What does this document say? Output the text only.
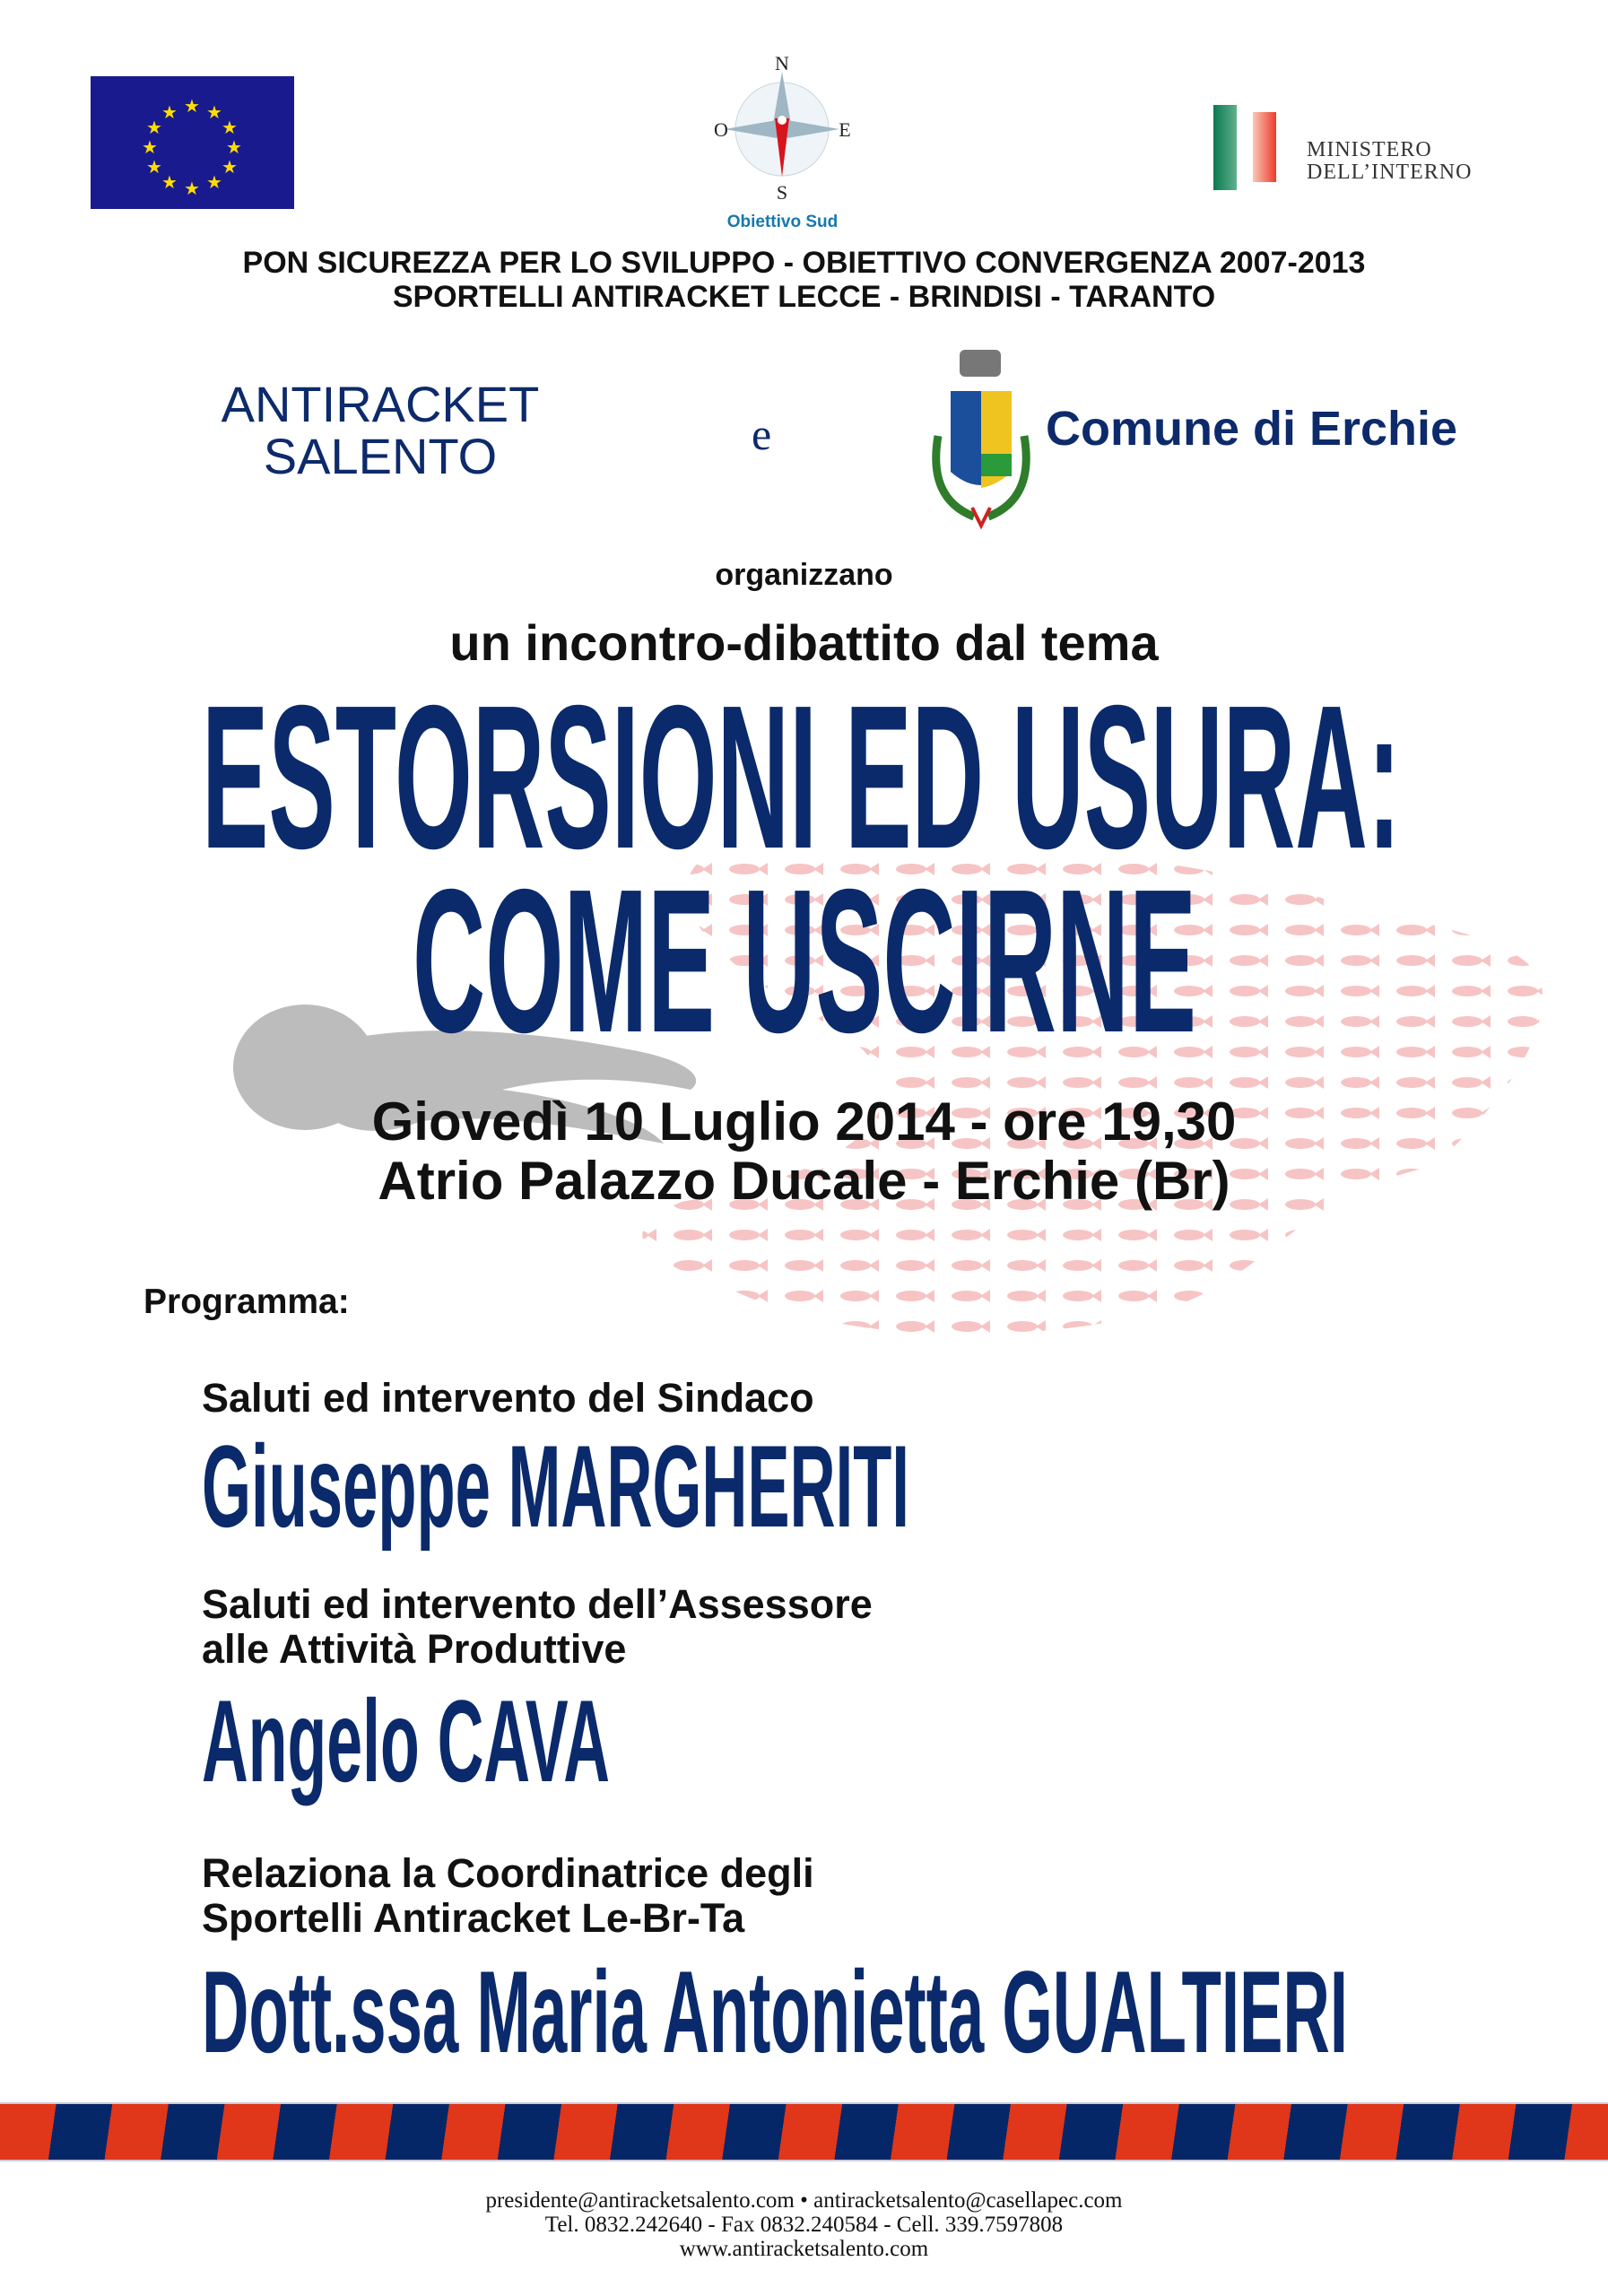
★ ★
★
★
★
★
★
★
★
★
★
★
N
O	E
S
Obiettivo Sud
MINISTERO
DELL’INTERNO
PON SICUREZZA PER LO SVILUPPO - OBIETTIVO CONVERGENZA 2007-2013
SPORTELLI ANTIRACKET LECCE - BRINDISI - TARANTO
ANTIRACKET
SALENTO	e	Comune di Erchie
organizzano
un incontro-dibattito dal tema
ESTORSIONI ED USURA:
COME USCIRNE
Giovedì 10 Luglio 2014 - ore 19,30
Atrio Palazzo Ducale - Erchie (Br)
Programma:
Saluti ed intervento del Sindaco
Giuseppe MARGHERITI
Saluti ed intervento dell’Assessore
alle Attività Produttive
Angelo CAVA
Relaziona la Coordinatrice degli
Sportelli Antiracket Le-Br-Ta
Dott.ssa Maria Antonietta GUALTIERI
presidente@antiracketsalento.com • antiracketsalento@casellapec.com
Tel. 0832.242640 - Fax 0832.240584 - Cell. 339.7597808
www.antiracketsalento.com
